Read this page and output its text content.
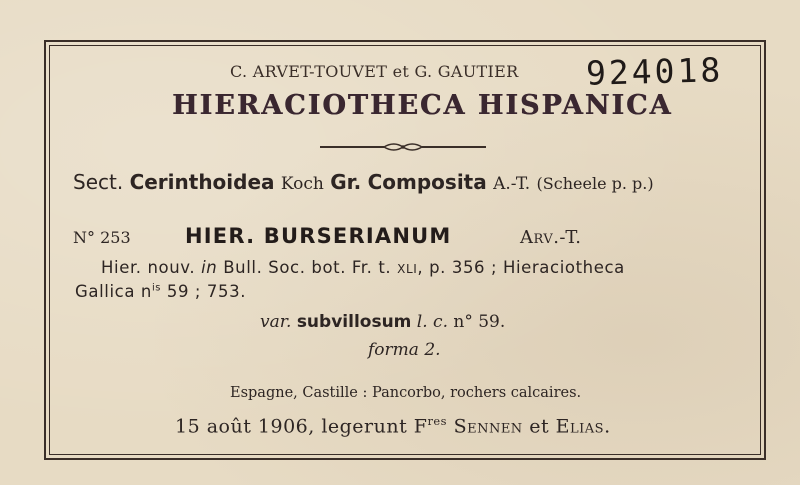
C. ARVET-TOUVET et G. GAUTIER 924018
HIERACIOTHECA HISPANICA
Sect. Cerinthoidea Koch Gr. Composita A.-T. (Scheele p. p.)
N° 253	HIER. BURSERIANUM	Arv.-T.
Hier. nouv. in Bull. Soc. bot. Fr. t. xli, p. 356 ; Hieraciotheca
Gallica $n^{is}$ 59 ; 753.
var. subvillosum l. c. n° 59.
forma 2.
Espagne, Castille : Pancorbo, rochers calcaires.
15 août 1906, legerunt $F^{res}$ Sennen et Elias.
